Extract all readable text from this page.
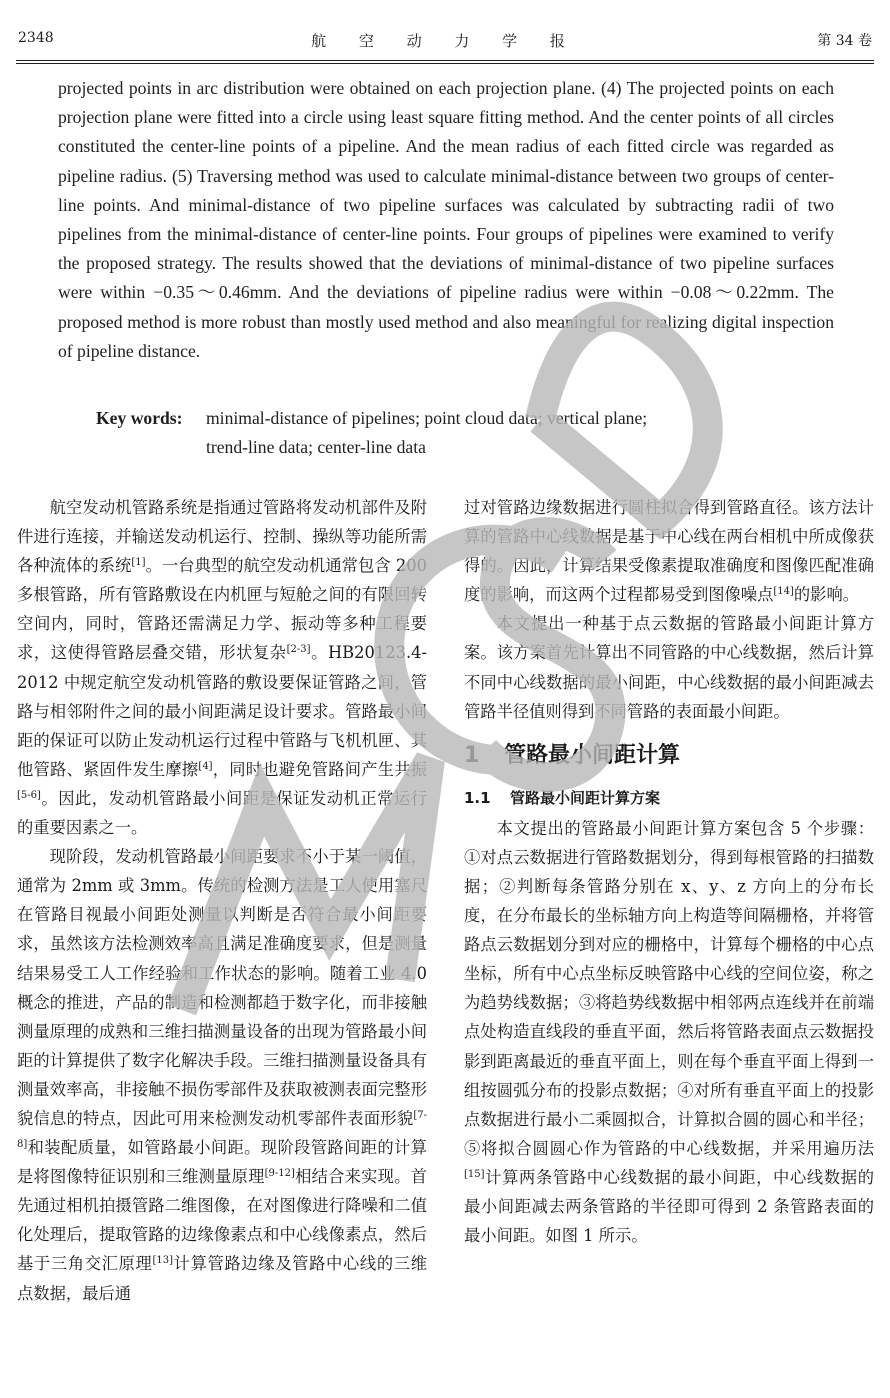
2348	航 空 动 力 学 报	第 34 卷

projected points in arc distribution were obtained on each projection plane. (4) The projected points on each projection plane were fitted into a circle using least square fitting method. And the center points of all circles constituted the center-line points of a pipeline. And the mean radius of each fitted circle was regarded as pipeline radius. (5) Traversing method was used to calculate minimal-distance between two groups of center-line points. And minimal-distance of two pipeline surfaces was calculated by subtracting radii of two pipelines from the minimal-distance of center-line points. Four groups of pipelines were examined to verify the proposed strategy. The results showed that the deviations of minimal-distance of two pipeline surfaces were within −0.35～0.46mm. And the deviations of pipeline radius were within −0.08～0.22mm. The proposed method is more robust than mostly used method and also meaningful for realizing digital inspection of pipeline distance.

Key words: minimal-distance of pipelines; point cloud data; vertical plane;
trend-line data; center-line data

航空发动机管路系统是指通过管路将发动机部件及附件进行连接，并输送发动机运行、控制、操纵等功能所需各种流体的系统[1]。一台典型的航空发动机通常包含 200 多根管路，所有管路敷设在内机匣与短舱之间的有限回转空间内，同时，管路还需满足力学、振动等多种工程要求，这使得管路层叠交错，形状复杂[2-3]。HB20123.4-2012 中规定航空发动机管路的敷设要保证管路之间，管路与相邻附件之间的最小间距满足设计要求。管路最小间距的保证可以防止发动机运行过程中管路与飞机机匣、其他管路、紧固件发生摩擦[4]，同时也避免管路间产生共振[5-6]。因此，发动机管路最小间距是保证发动机正常运行的重要因素之一。

现阶段，发动机管路最小间距要求不小于某一阈值，通常为 2mm 或 3mm。传统的检测方法是工人使用塞尺在管路目视最小间距处测量以判断是否符合最小间距要求，虽然该方法检测效率高且满足准确度要求，但是测量结果易受工人工作经验和工作状态的影响。随着工业 4.0 概念的推进，产品的制造和检测都趋于数字化，而非接触测量原理的成熟和三维扫描测量设备的出现为管路最小间距的计算提供了数字化解决手段。三维扫描测量设备具有测量效率高，非接触不损伤零部件及获取被测表面完整形貌信息的特点，因此可用来检测发动机零部件表面形貌[7-8]和装配质量，如管路最小间距。现阶段管路间距的计算是将图像特征识别和三维测量原理[9-12]相结合来实现。首先通过相机拍摄管路二维图像，在对图像进行降噪和二值化处理后，提取管路的边缘像素点和中心线像素点，然后基于三角交汇原理[13]计算管路边缘及管路中心线的三维点数据，最后通

过对管路边缘数据进行圆柱拟合得到管路直径。该方法计算的管路中心线数据是基于中心线在两台相机中所成像获得的。因此，计算结果受像素提取准确度和图像匹配准确度的影响，而这两个过程都易受到图像噪点[14]的影响。

本文提出一种基于点云数据的管路最小间距计算方案。该方案首先计算出不同管路的中心线数据，然后计算不同中心线数据的最小间距，中心线数据的最小间距减去管路半径值则得到不同管路的表面最小间距。

1 管路最小间距计算

1.1 管路最小间距计算方案

本文提出的管路最小间距计算方案包含 5 个步骤：①对点云数据进行管路数据划分，得到每根管路的扫描数据；②判断每条管路分别在 x、y、z 方向上的分布长度，在分布最长的坐标轴方向上构造等间隔栅格，并将管路点云数据划分到对应的栅格中，计算每个栅格的中心点坐标，所有中心点坐标反映管路中心线的空间位姿，称之为趋势线数据；③将趋势线数据中相邻两点连线并在前端点处构造直线段的垂直平面，然后将管路表面点云数据投影到距离最近的垂直平面上，则在每个垂直平面上得到一组按圆弧分布的投影点数据；④对所有垂直平面上的投影点数据进行最小二乘圆拟合，计算拟合圆的圆心和半径；⑤将拟合圆圆心作为管路的中心线数据，并采用遍历法[15]计算两条管路中心线数据的最小间距，中心线数据的最小间距减去两条管路的半径即可得到 2 条管路表面的最小间距。如图 1 所示。
